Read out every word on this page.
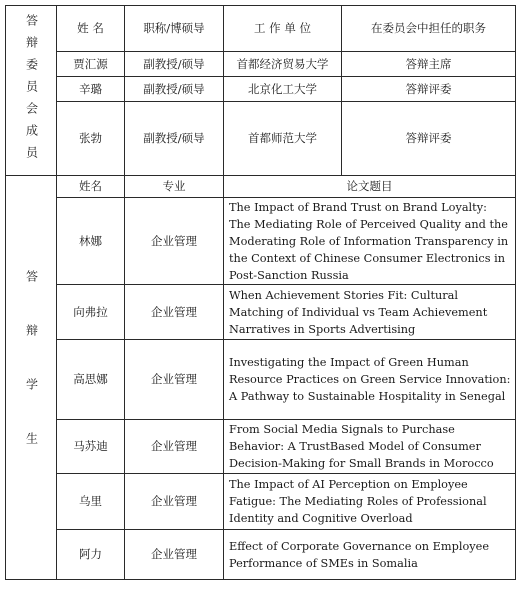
答辩委员会成员	姓 名	职称/博硕导	工 作 单 位	在委员会中担任的职务
	贾汇源	副教授/硕导	首都经济贸易大学	答辩主席
	辛璐	副教授/硕导	北京化工大学	答辩评委
	张勃	副教授/硕导	首都师范大学	答辩评委
答辩学生	姓名	专业	论文题目	
	林娜	企业管理	The Impact of Brand Trust on Brand Loyalty: The Mediating Role of Perceived Quality and the Moderating Role of Information Transparency in the Context of Chinese Consumer Electronics in Post-Sanction Russia	
	向弗拉	企业管理	When Achievement Stories Fit: Cultural Matching of Individual vs Team Achievement Narratives in Sports Advertising	
	高思娜	企业管理	Investigating the Impact of Green Human Resource Practices on Green Service Innovation: A Pathway to Sustainable Hospitality in Senegal	
	马苏迪	企业管理	From Social Media Signals to Purchase Behavior: A TrustBased Model of Consumer Decision-Making for Small Brands in Morocco	
	乌里	企业管理	The Impact of AI Perception on Employee Fatigue: The Mediating Roles of Professional Identity and Cognitive Overload	
	阿力	企业管理	Effect of Corporate Governance on Employee Performance of SMEs in Somalia	
